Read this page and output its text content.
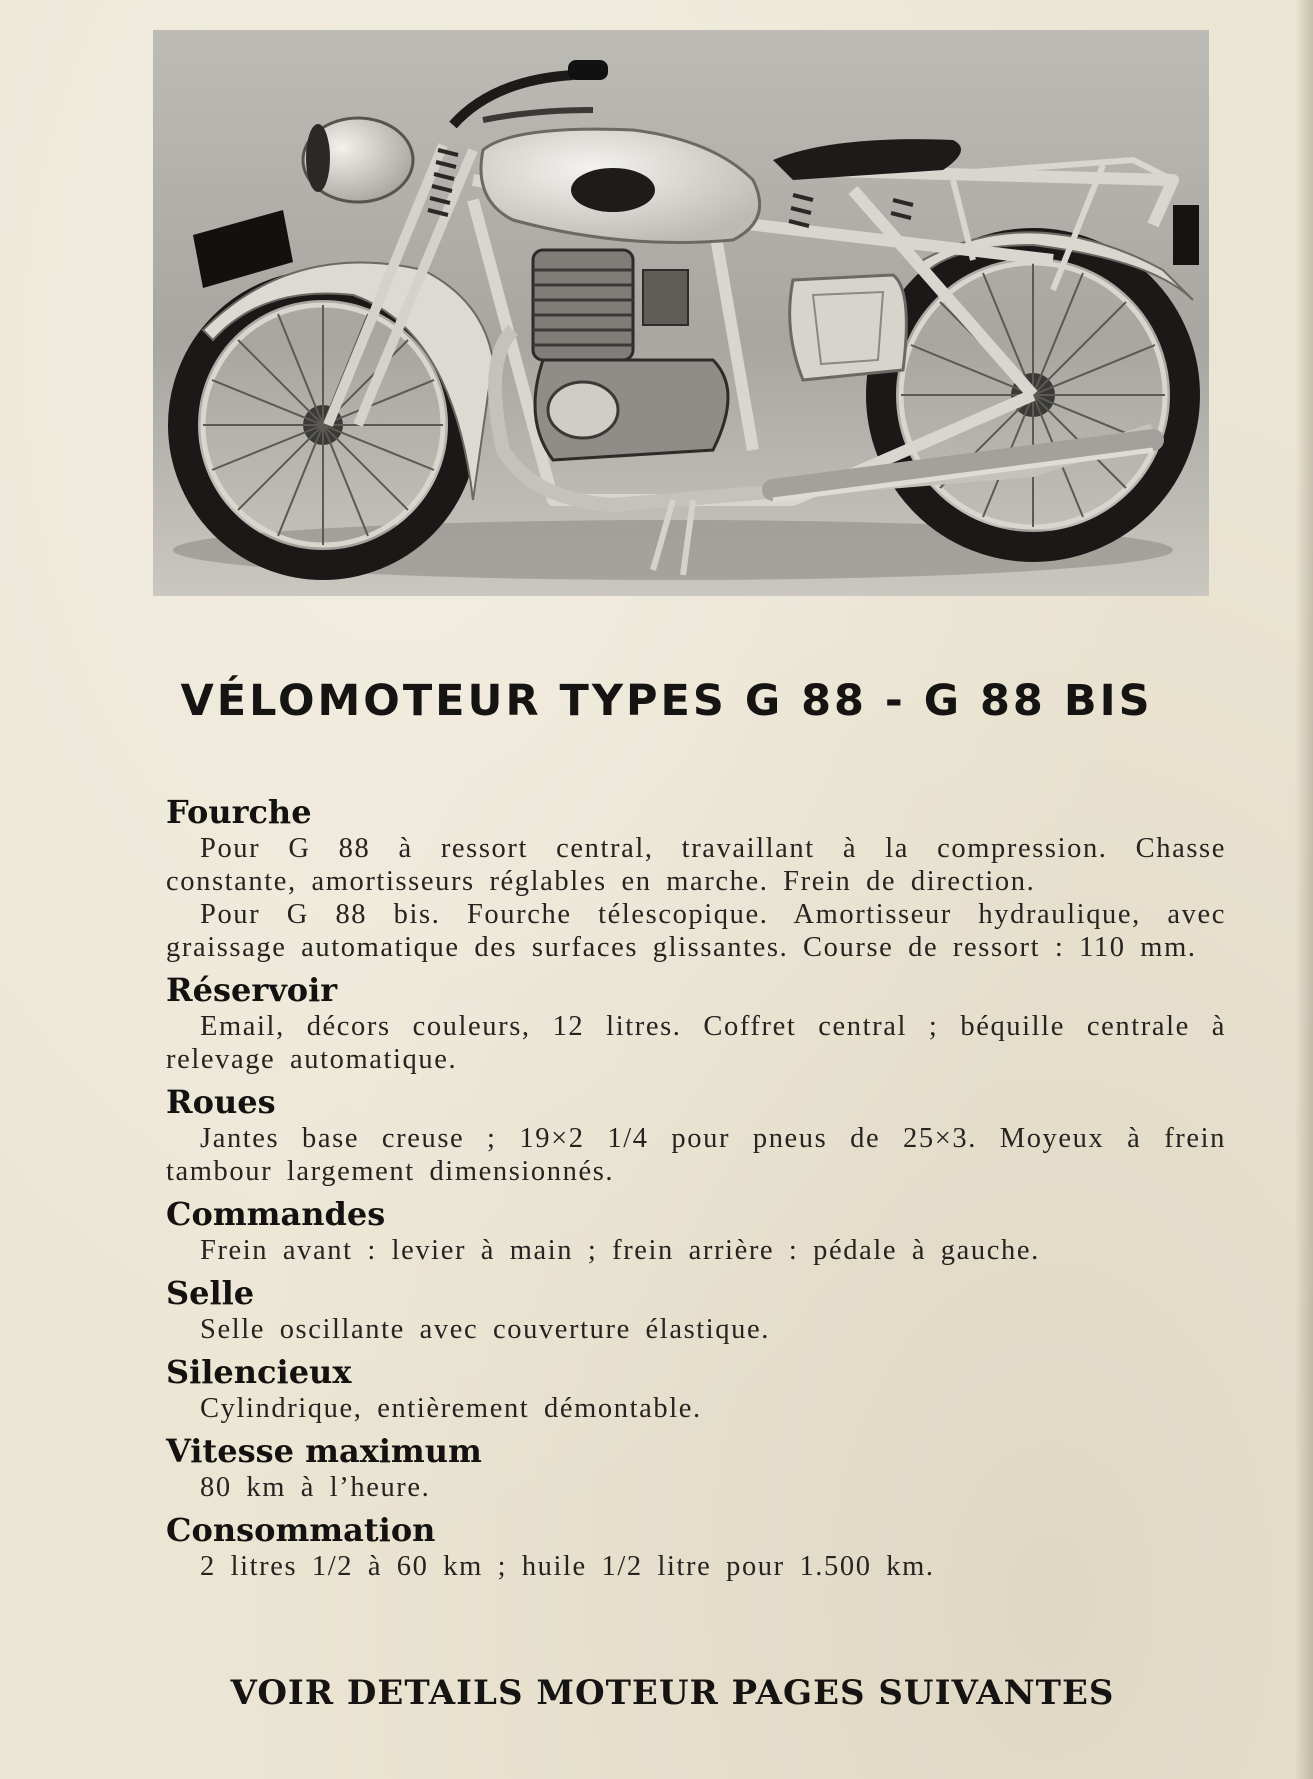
VÉLOMOTEUR TYPES G 88 - G 88 BIS
Fourche

Pour G 88 à ressort central, travaillant à la compression. Chasse constante, amortisseurs réglables en marche. Frein de direction.

Pour G 88 bis. Fourche télescopique. Amortisseur hydraulique, avec graissage automatique des surfaces glissantes. Course de ressort : 110 mm.

Réservoir

Email, décors couleurs, 12 litres. Coffret central ; béquille centrale à relevage automatique.

Roues

Jantes base creuse ; 19×2 1/4 pour pneus de 25×3. Moyeux à frein tambour largement dimensionnés.

Commandes

Frein avant : levier à main ; frein arrière : pédale à gauche.

Selle

Selle oscillante avec couverture élastique.

Silencieux

Cylindrique, entièrement démontable.

Vitesse maximum

80 km à l’heure.

Consommation

2 litres 1/2 à 60 km ; huile 1/2 litre pour 1.500 km.

VOIR DETAILS MOTEUR PAGES SUIVANTES
